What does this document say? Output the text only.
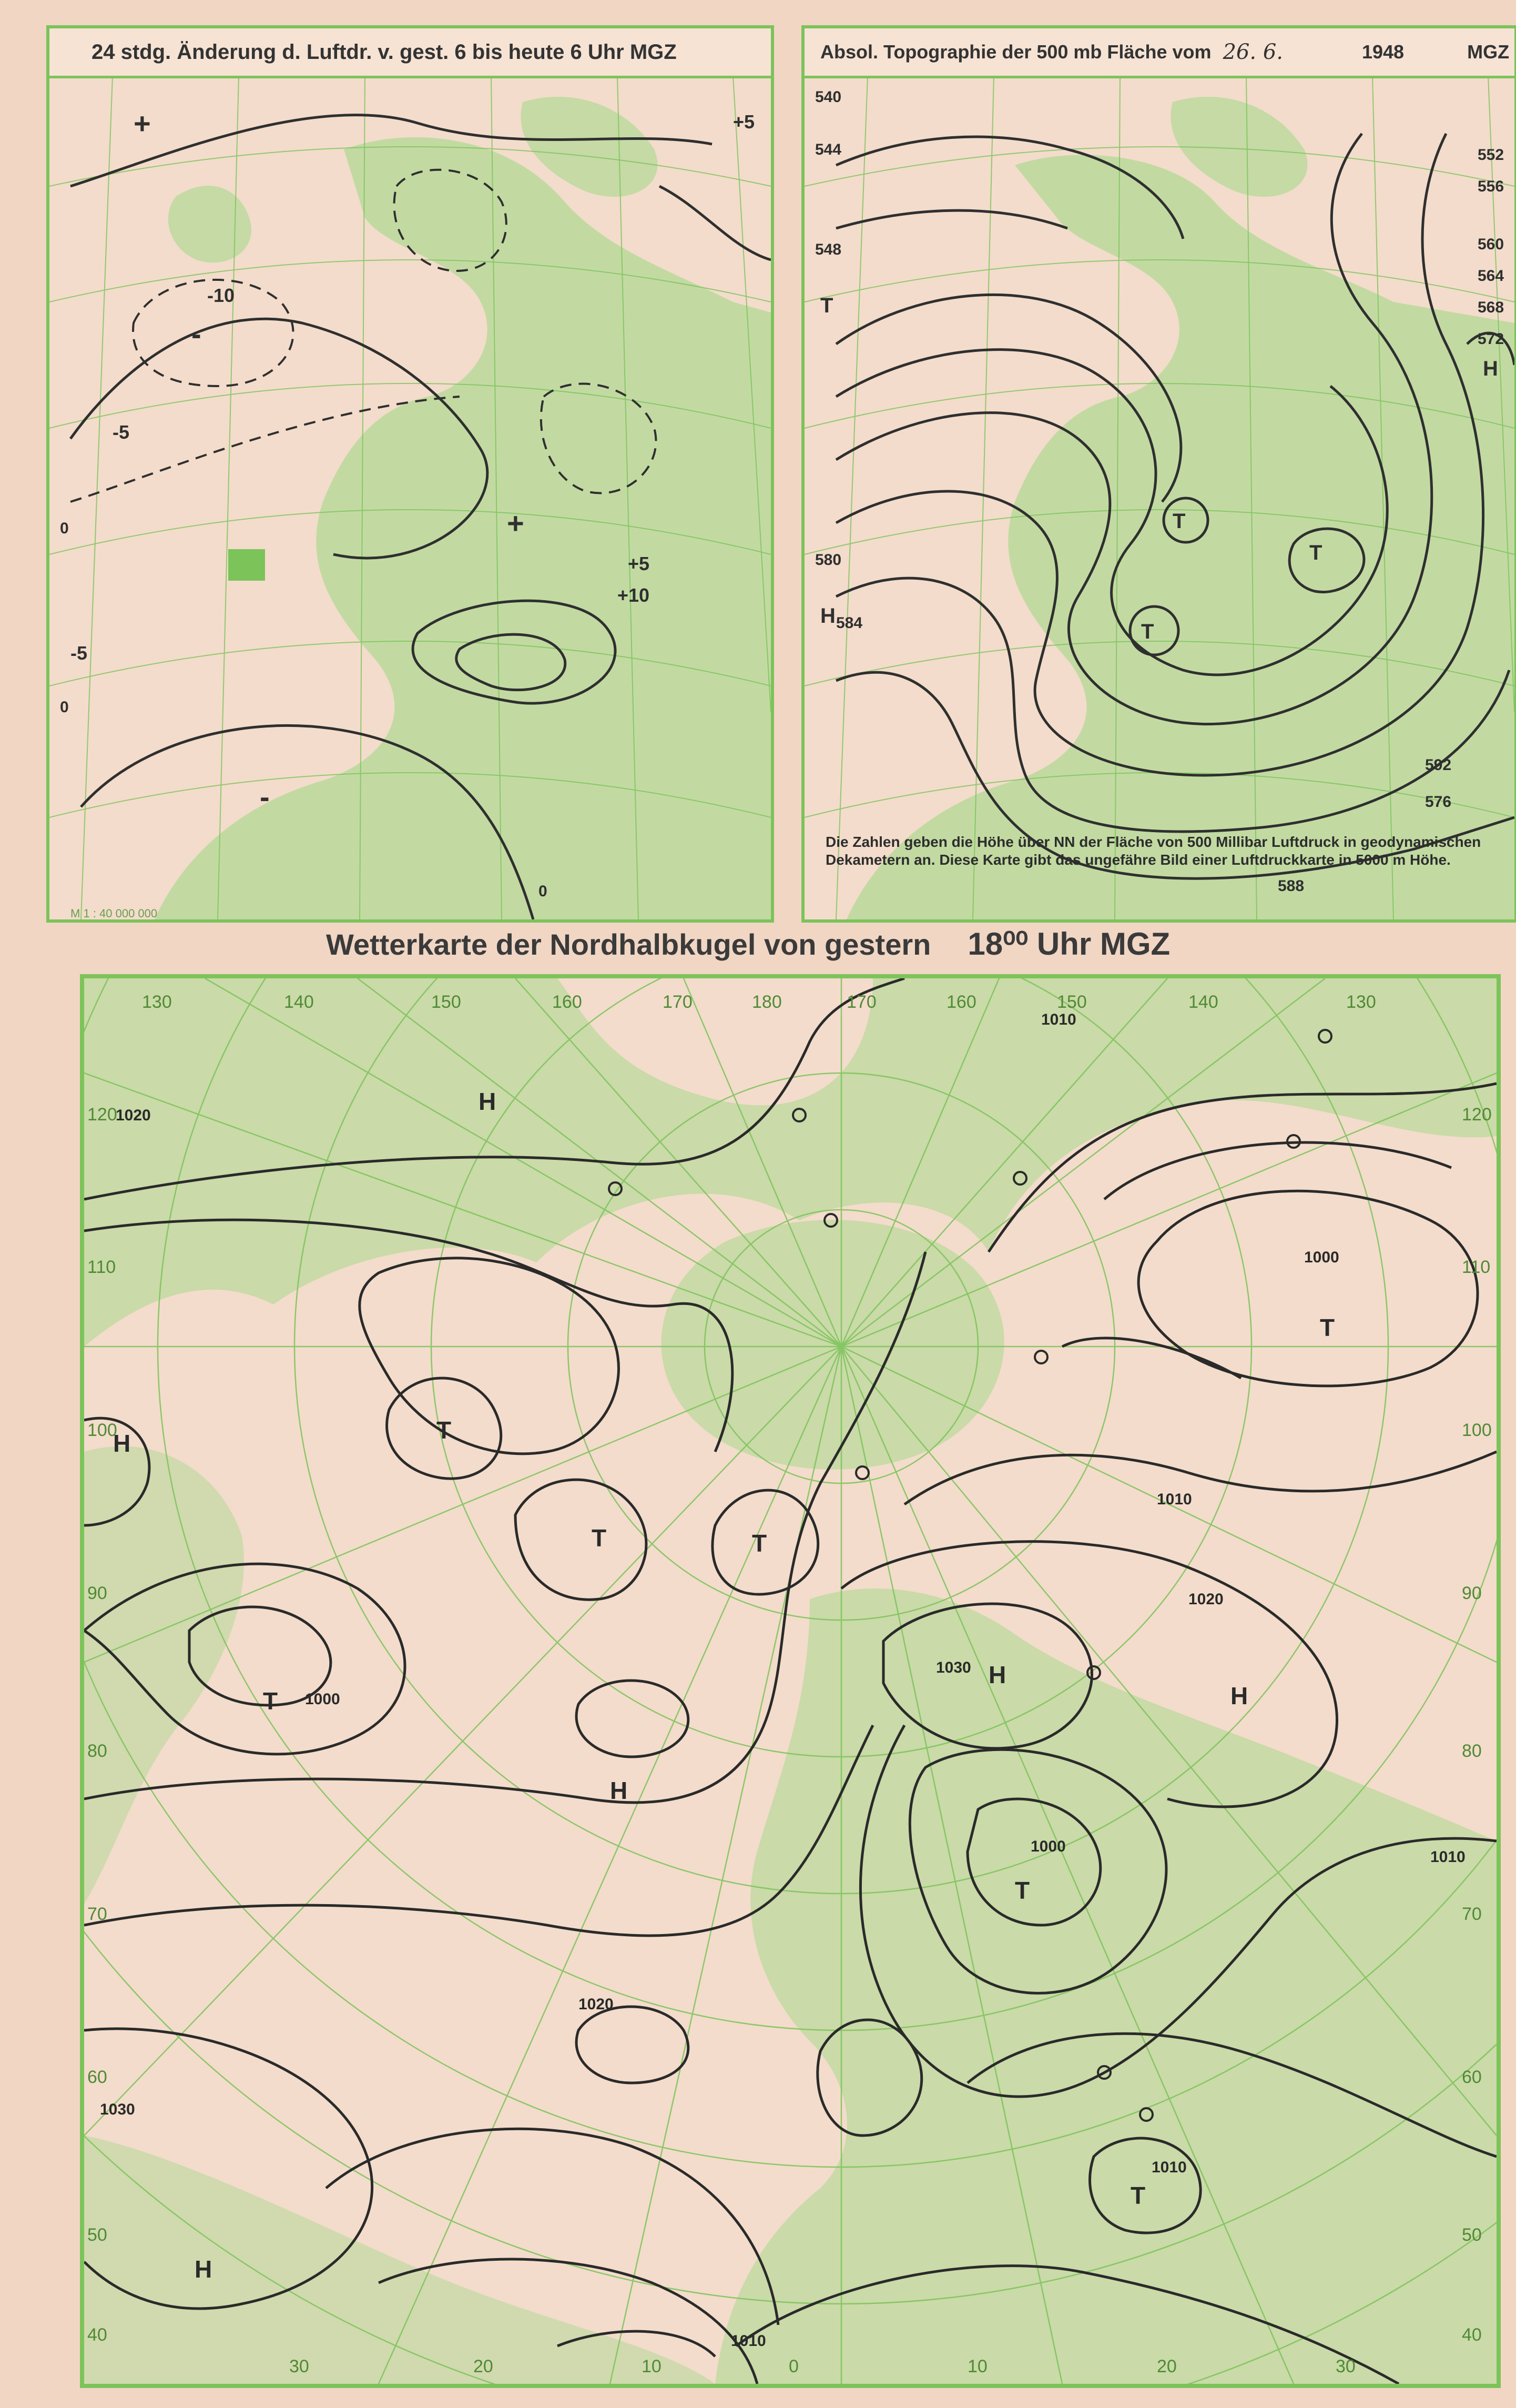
24 stdg. Änderung d. Luftdr. v. gest. 6 bis heute 6 Uhr MGZ
+5
+10
-10
-5
-5
+5
+
+
-
-
0
0
0
M 1 : 40 000 000
Absol. Topographie der 500 mb Fläche vom 26. 6.	1948	MGZ
540
544
548
552
556
560
564
568
572
576
580
584
588
592
T
T
T
T
H
H
Die Zahlen geben die Höhe über NN der Fläche von 500 Millibar Luftdruck in geodynamischen Dekametern an. Diese Karte gibt das ungefähre Bild einer Luftdruckkarte in 5000 m Höhe.
Wetterkarte der Nordhalbkugel von gestern 18⁰⁰ Uhr MGZ
H	T
H
T
H
T
H
T
H
T
H
T
T
1020
1010
1000
1010
1020
1030
1000
1010
1030
1020
1010
1000
1010
130	140	150	160	170	180	170	160	150	140	130
30	20	10	0	10	20	30
120
110
100
90
80
70
60
50
40
120
110
100
90
80
70
60
50
40
